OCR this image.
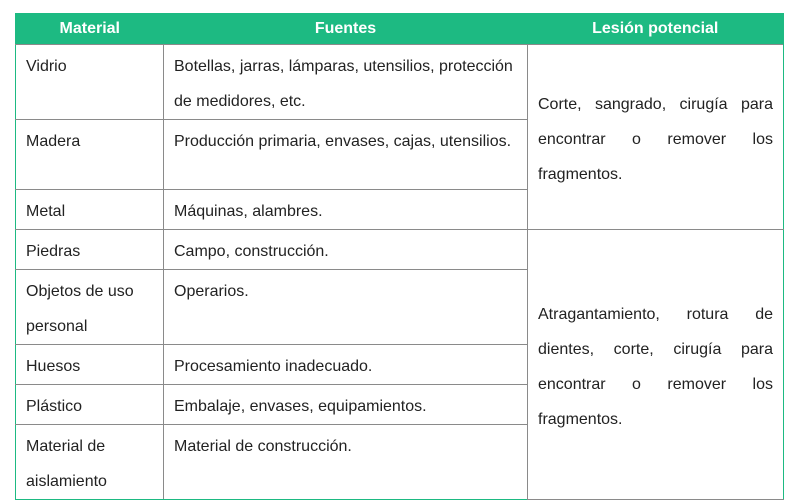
Material	Fuentes	Lesión potencial
Vidrio	Botellas, jarras, lámparas, utensilios, protección de medidores, etc.	Corte, sangrado, cirugía para encontrar o remover los fragmentos.
Madera	Producción primaria, envases, cajas, utensilios.	
Metal	Máquinas, alambres.	
Piedras	Campo, construcción.	Atragantamiento, rotura de dientes, corte, cirugía para encontrar o remover los fragmentos.
Objetos de uso personal	Operarios.	
Huesos	Procesamiento inadecuado.	
Plástico	Embalaje, envases, equipamientos.	
Material de aislamiento	Material de construcción.	
